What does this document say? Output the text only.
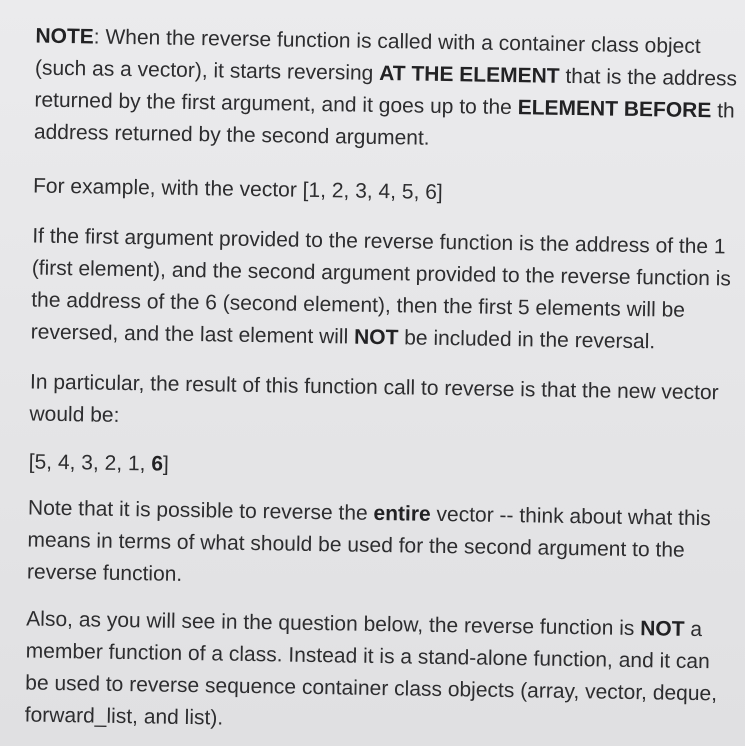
NOTE: When the reverse function is called with a container class object
(such as a vector), it starts reversing AT THE ELEMENT that is the address
returned by the first argument, and it goes up to the ELEMENT BEFORE th
address returned by the second argument.
For example, with the vector [1, 2, 3, 4, 5, 6]
If the first argument provided to the reverse function is the address of the 1
(first element), and the second argument provided to the reverse function is
the address of the 6 (second element), then the first 5 elements will be
reversed, and the last element will NOT be included in the reversal.
In particular, the result of this function call to reverse is that the new vector
would be:
[5, 4, 3, 2, 1, 6]
Note that it is possible to reverse the entire vector -- think about what this
means in terms of what should be used for the second argument to the
reverse function.
Also, as you will see in the question below, the reverse function is NOT a
member function of a class. Instead it is a stand-alone function, and it can
be used to reverse sequence container class objects (array, vector, deque,
forward_list, and list).
